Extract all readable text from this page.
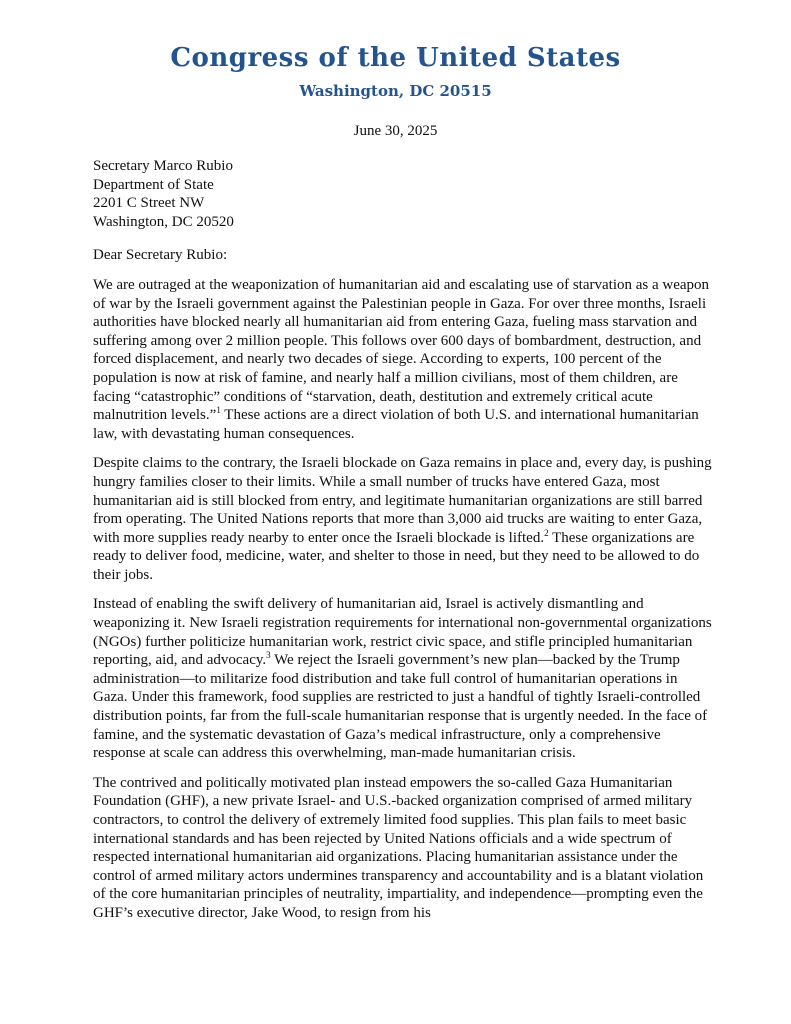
Congress of the United States
Washington, DC 20515
June 30, 2025
Secretary Marco Rubio
Department of State
2201 C Street NW
Washington, DC 20520
Dear Secretary Rubio:

We are outraged at the weaponization of humanitarian aid and escalating use of starvation as a weapon of war by the Israeli government against the Palestinian people in Gaza. For over three months, Israeli authorities have blocked nearly all humanitarian aid from entering Gaza, fueling mass starvation and suffering among over 2 million people. This follows over 600 days of bombardment, destruction, and forced displacement, and nearly two decades of siege. According to experts, 100 percent of the population is now at risk of famine, and nearly half a million civilians, most of them children, are facing “catastrophic” conditions of “starvation, death, destitution and extremely critical acute malnutrition levels.”$^1$ These actions are a direct violation of both U.S. and international humanitarian law, with devastating human consequences.

Despite claims to the contrary, the Israeli blockade on Gaza remains in place and, every day, is pushing hungry families closer to their limits. While a small number of trucks have entered Gaza, most humanitarian aid is still blocked from entry, and legitimate humanitarian organizations are still barred from operating. The United Nations reports that more than 3,000 aid trucks are waiting to enter Gaza, with more supplies ready nearby to enter once the Israeli blockade is lifted.$^2$ These organizations are ready to deliver food, medicine, water, and shelter to those in need, but they need to be allowed to do their jobs.

Instead of enabling the swift delivery of humanitarian aid, Israel is actively dismantling and weaponizing it. New Israeli registration requirements for international non-governmental organizations (NGOs) further politicize humanitarian work, restrict civic space, and stifle principled humanitarian reporting, aid, and advocacy.$^3$ We reject the Israeli government’s new plan—backed by the Trump administration—to militarize food distribution and take full control of humanitarian operations in Gaza. Under this framework, food supplies are restricted to just a handful of tightly Israeli-controlled distribution points, far from the full-scale humanitarian response that is urgently needed. In the face of famine, and the systematic devastation of Gaza’s medical infrastructure, only a comprehensive response at scale can address this overwhelming, man-made humanitarian crisis.

The contrived and politically motivated plan instead empowers the so-called Gaza Humanitarian Foundation (GHF), a new private Israel- and U.S.-backed organization comprised of armed military contractors, to control the delivery of extremely limited food supplies. This plan fails to meet basic international standards and has been rejected by United Nations officials and a wide spectrum of respected international humanitarian aid organizations. Placing humanitarian assistance under the control of armed military actors undermines transparency and accountability and is a blatant violation of the core humanitarian principles of neutrality, impartiality, and independence—prompting even the GHF’s executive director, Jake Wood, to resign from his
